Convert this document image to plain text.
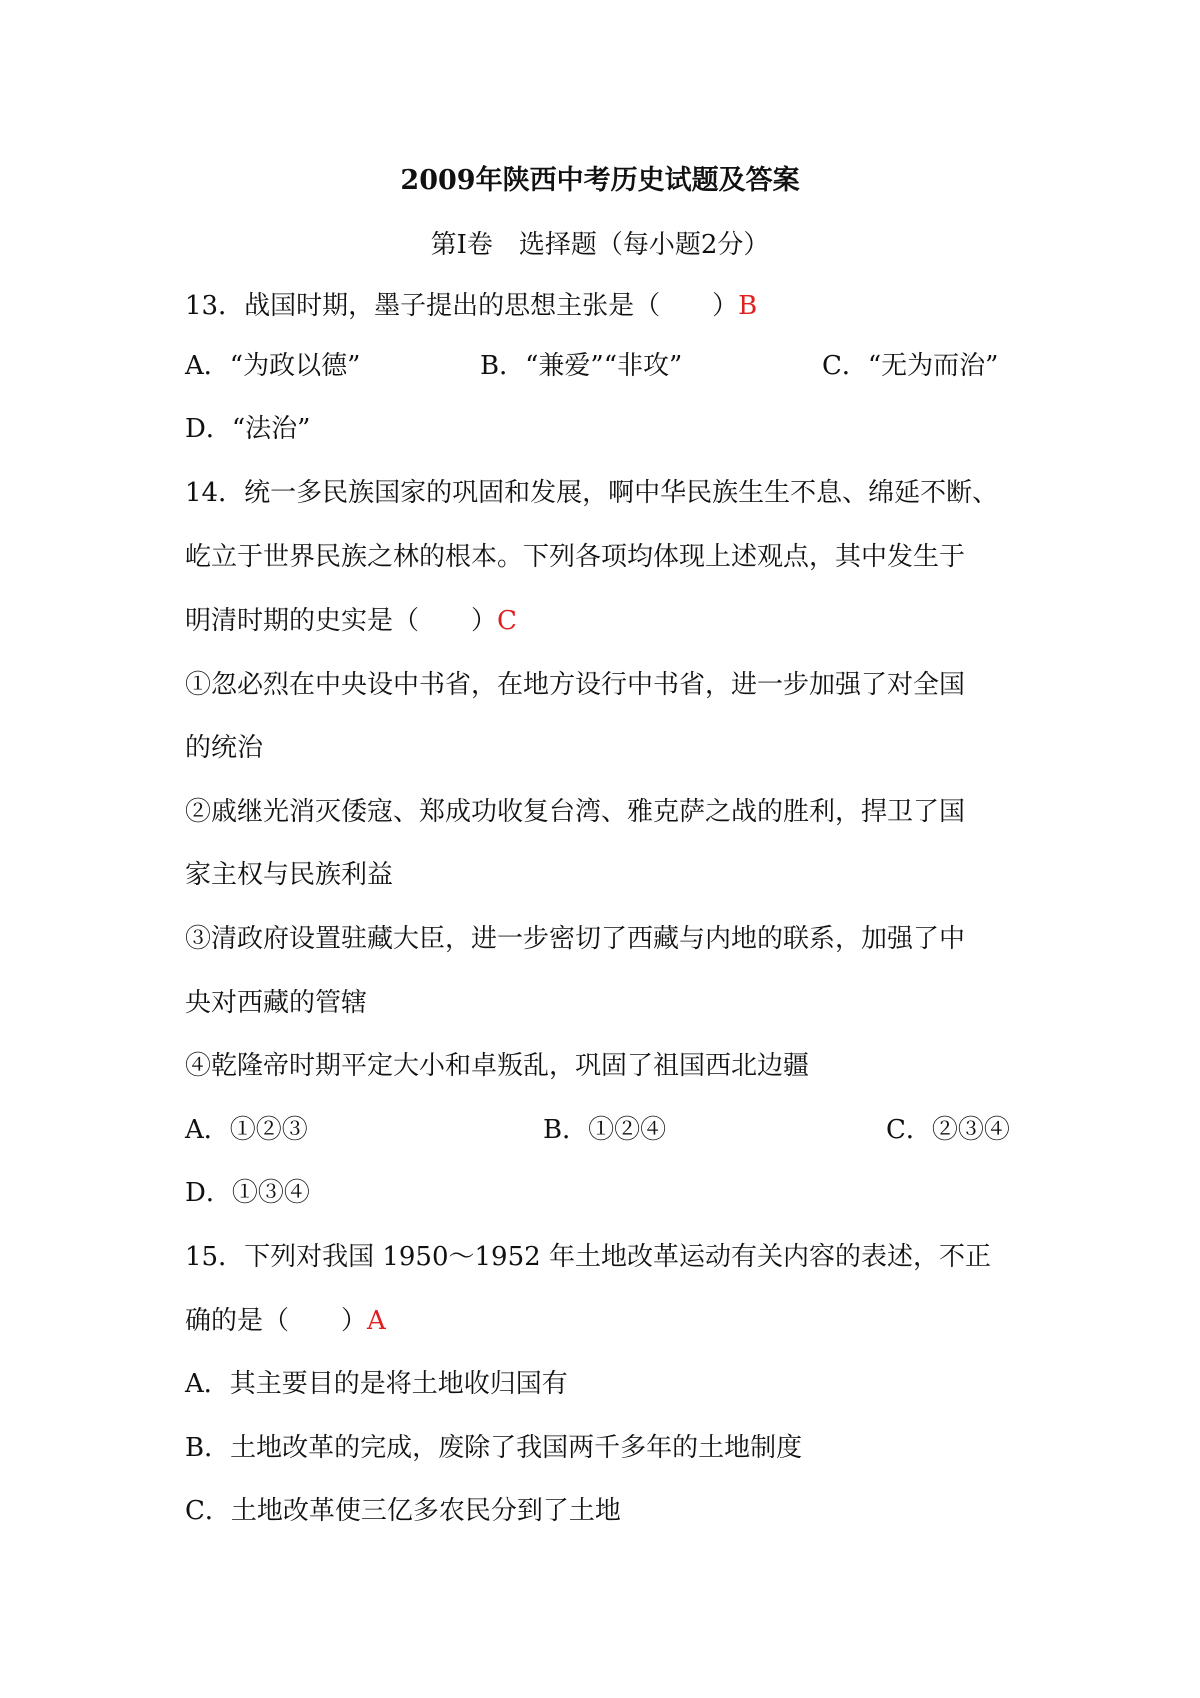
2009年陕西中考历史试题及答案
第Ⅰ卷　选择题（每小题2分）
13．战国时期，墨子提出的思想主张是（　　）B
A．“为政以德”	B．“兼爱”“非攻”	C．“无为而治”
D．“法治”
14．统一多民族国家的巩固和发展，啊中华民族生生不息、绵延不断、
屹立于世界民族之林的根本。下列各项均体现上述观点，其中发生于
明清时期的史实是（　　）C
①忽必烈在中央设中书省，在地方设行中书省，进一步加强了对全国
的统治
②戚继光消灭倭寇、郑成功收复台湾、雅克萨之战的胜利，捍卫了国
家主权与民族利益
③清政府设置驻藏大臣，进一步密切了西藏与内地的联系，加强了中
央对西藏的管辖
④乾隆帝时期平定大小和卓叛乱，巩固了祖国西北边疆
A．①②③	B．①②④	C．②③④
D．①③④
15．下列对我国 1950～1952 年土地改革运动有关内容的表述，不正
确的是（　　）A
A．其主要目的是将土地收归国有
B．土地改革的完成，废除了我国两千多年的土地制度
C．土地改革使三亿多农民分到了土地
